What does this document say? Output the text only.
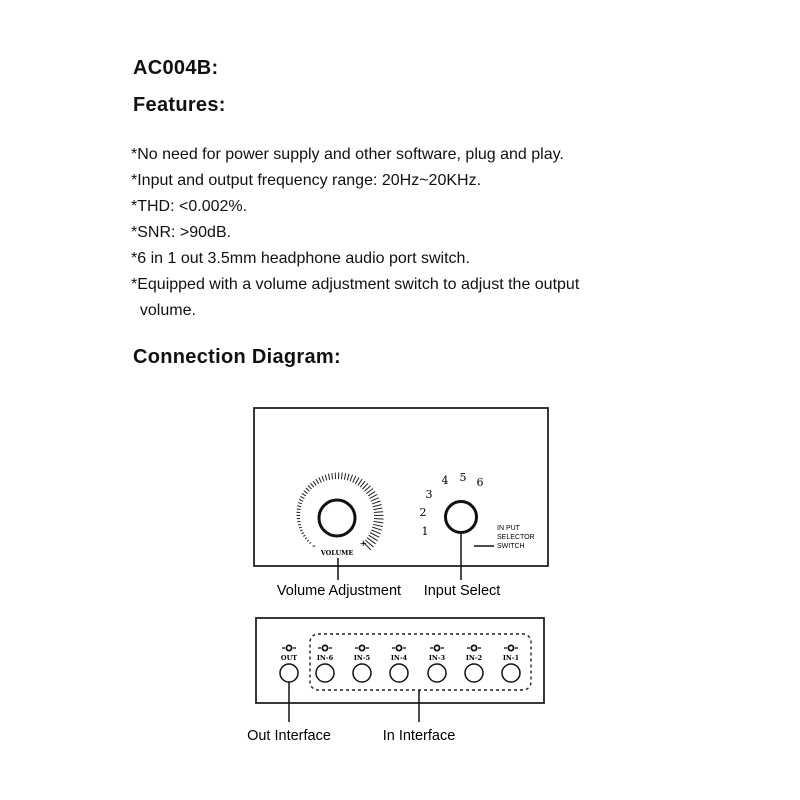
AC004B:
Features:
*No need for power supply and other software, plug and play.
*Input and output frequency range: 20Hz~20KHz.
*THD: <0.002%.
*SNR: >90dB.
*6 in 1 out 3.5mm headphone audio port switch.
*Equipped with a volume adjustment switch to adjust the output
volume.
Connection Diagram:
-	+
VOLUME
1
2
3
4 5 6
IN PUT
SELECTOR
SWITCH
Volume Adjustment Input Select
OUT	IN-6	IN-5	IN-4	IN-3	IN-2	IN-1
Out Interface	In Interface
